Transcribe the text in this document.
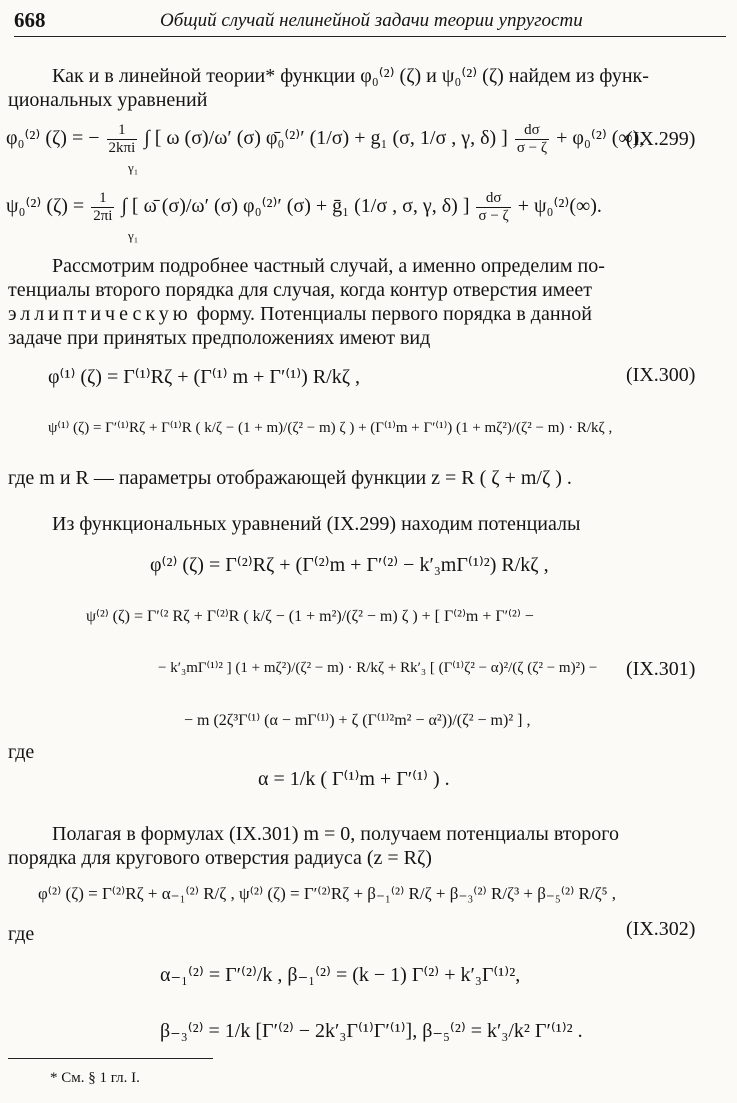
668	Общий случай нелинейной задачи теории упругости
Как и в линейной теории* функции φ₀⁽²⁾ (ζ) и ψ₀⁽²⁾ (ζ) найдем из функ-
циональных уравнений
φ₀⁽²⁾ (ζ) = − $\frac{1}{\text{2kπi}}$ ∫ [ ω (σ)/ω′ (σ) φ̄₀⁽²⁾′ (1/σ) + g₁ (σ, 1/σ , γ, δ) ] $\frac{d\sigma}{\sigma - \zeta} + \varphi_0^{(2)}$ (∞),
γ₁
(IX.299)
ψ₀⁽²⁾ $(\zeta) = \frac{1}{2\pi i}$ ∫ [ ω̄ (σ)/ω′ (σ) φ₀⁽²⁾′ (σ) + ḡ₁ (1/σ , σ, γ, δ) ] $\frac{d\sigma}{\sigma - \zeta} + \psi_0^{(2)}(\infty)$.
γ₁
Рассмотрим подробнее частный случай, а именно определим по-
тенциалы второго порядка для случая, когда контур отверстия имеет
эллиптическую форму. Потенциалы первого порядка в данной
задаче при принятых предположениях имеют вид
φ⁽¹⁾ (ζ) = Γ⁽¹⁾Rζ + (Γ⁽¹⁾ m + Γ′⁽¹⁾) R/kζ ,	(IX.300)
ψ⁽¹⁾ (ζ) = Γ′⁽¹⁾Rζ + Γ⁽¹⁾R ( k/ζ − (1 + m)/(ζ² − m) ζ ) + (Γ⁽¹⁾m + Γ′⁽¹⁾) (1 + mζ²)/(ζ² − m) · R/kζ ,
где m и R — параметры отображающей функции z = R ( ζ + m/ζ ) .
Из функциональных уравнений (IX.299) находим потенциалы
φ⁽²⁾ (ζ) = Γ⁽²⁾Rζ + (Γ⁽²⁾m + Γ′⁽²⁾ − k′₃mΓ⁽¹⁾²) R/kζ ,
ψ⁽²⁾ (ζ) = Γ′⁽² Rζ + Γ⁽²⁾R ( k/ζ − (1 + m²)/(ζ² − m) ζ ) + [ Γ⁽²⁾m + Γ′⁽²⁾ −
− k′₃mΓ⁽¹⁾² ] (1 + mζ²)/(ζ² − m) · R/kζ + Rk′₃ [ (Γ⁽¹⁾ζ² − α)²/(ζ (ζ² − m)²) − (IX.301)
− m (2ζ³Γ⁽¹⁾ (α − mΓ⁽¹⁾) + ζ (Γ⁽¹⁾²m² − α²))/(ζ² − m)² ] ,
где
α = 1/k ( Γ⁽¹⁾m + Γ′⁽¹⁾ ) .
Полагая в формулах (IX.301) m = 0, получаем потенциалы второго
порядка для кругового отверстия радиуса (z = Rζ)
φ⁽²⁾ (ζ) = Γ⁽²⁾Rζ + α₋₁⁽²⁾ R/ζ , ψ⁽²⁾ (ζ) = Γ′⁽²⁾Rζ + β₋₁⁽²⁾ R/ζ + β₋₃⁽²⁾ R/ζ³ + β₋₅⁽²⁾ R/ζ⁵ ,
где	(IX.302)
α₋₁⁽²⁾ = Γ′⁽²⁾/k , β₋₁⁽²⁾ = (k − 1) Γ⁽²⁾ + k′₃Γ⁽¹⁾²,
β₋₃⁽²⁾ = 1/k [Γ′⁽²⁾ − 2k′₃Γ⁽¹⁾Γ′⁽¹⁾], β₋₅⁽²⁾ = k′₃/k² Γ′⁽¹⁾² .
* См. § 1 гл. I.
